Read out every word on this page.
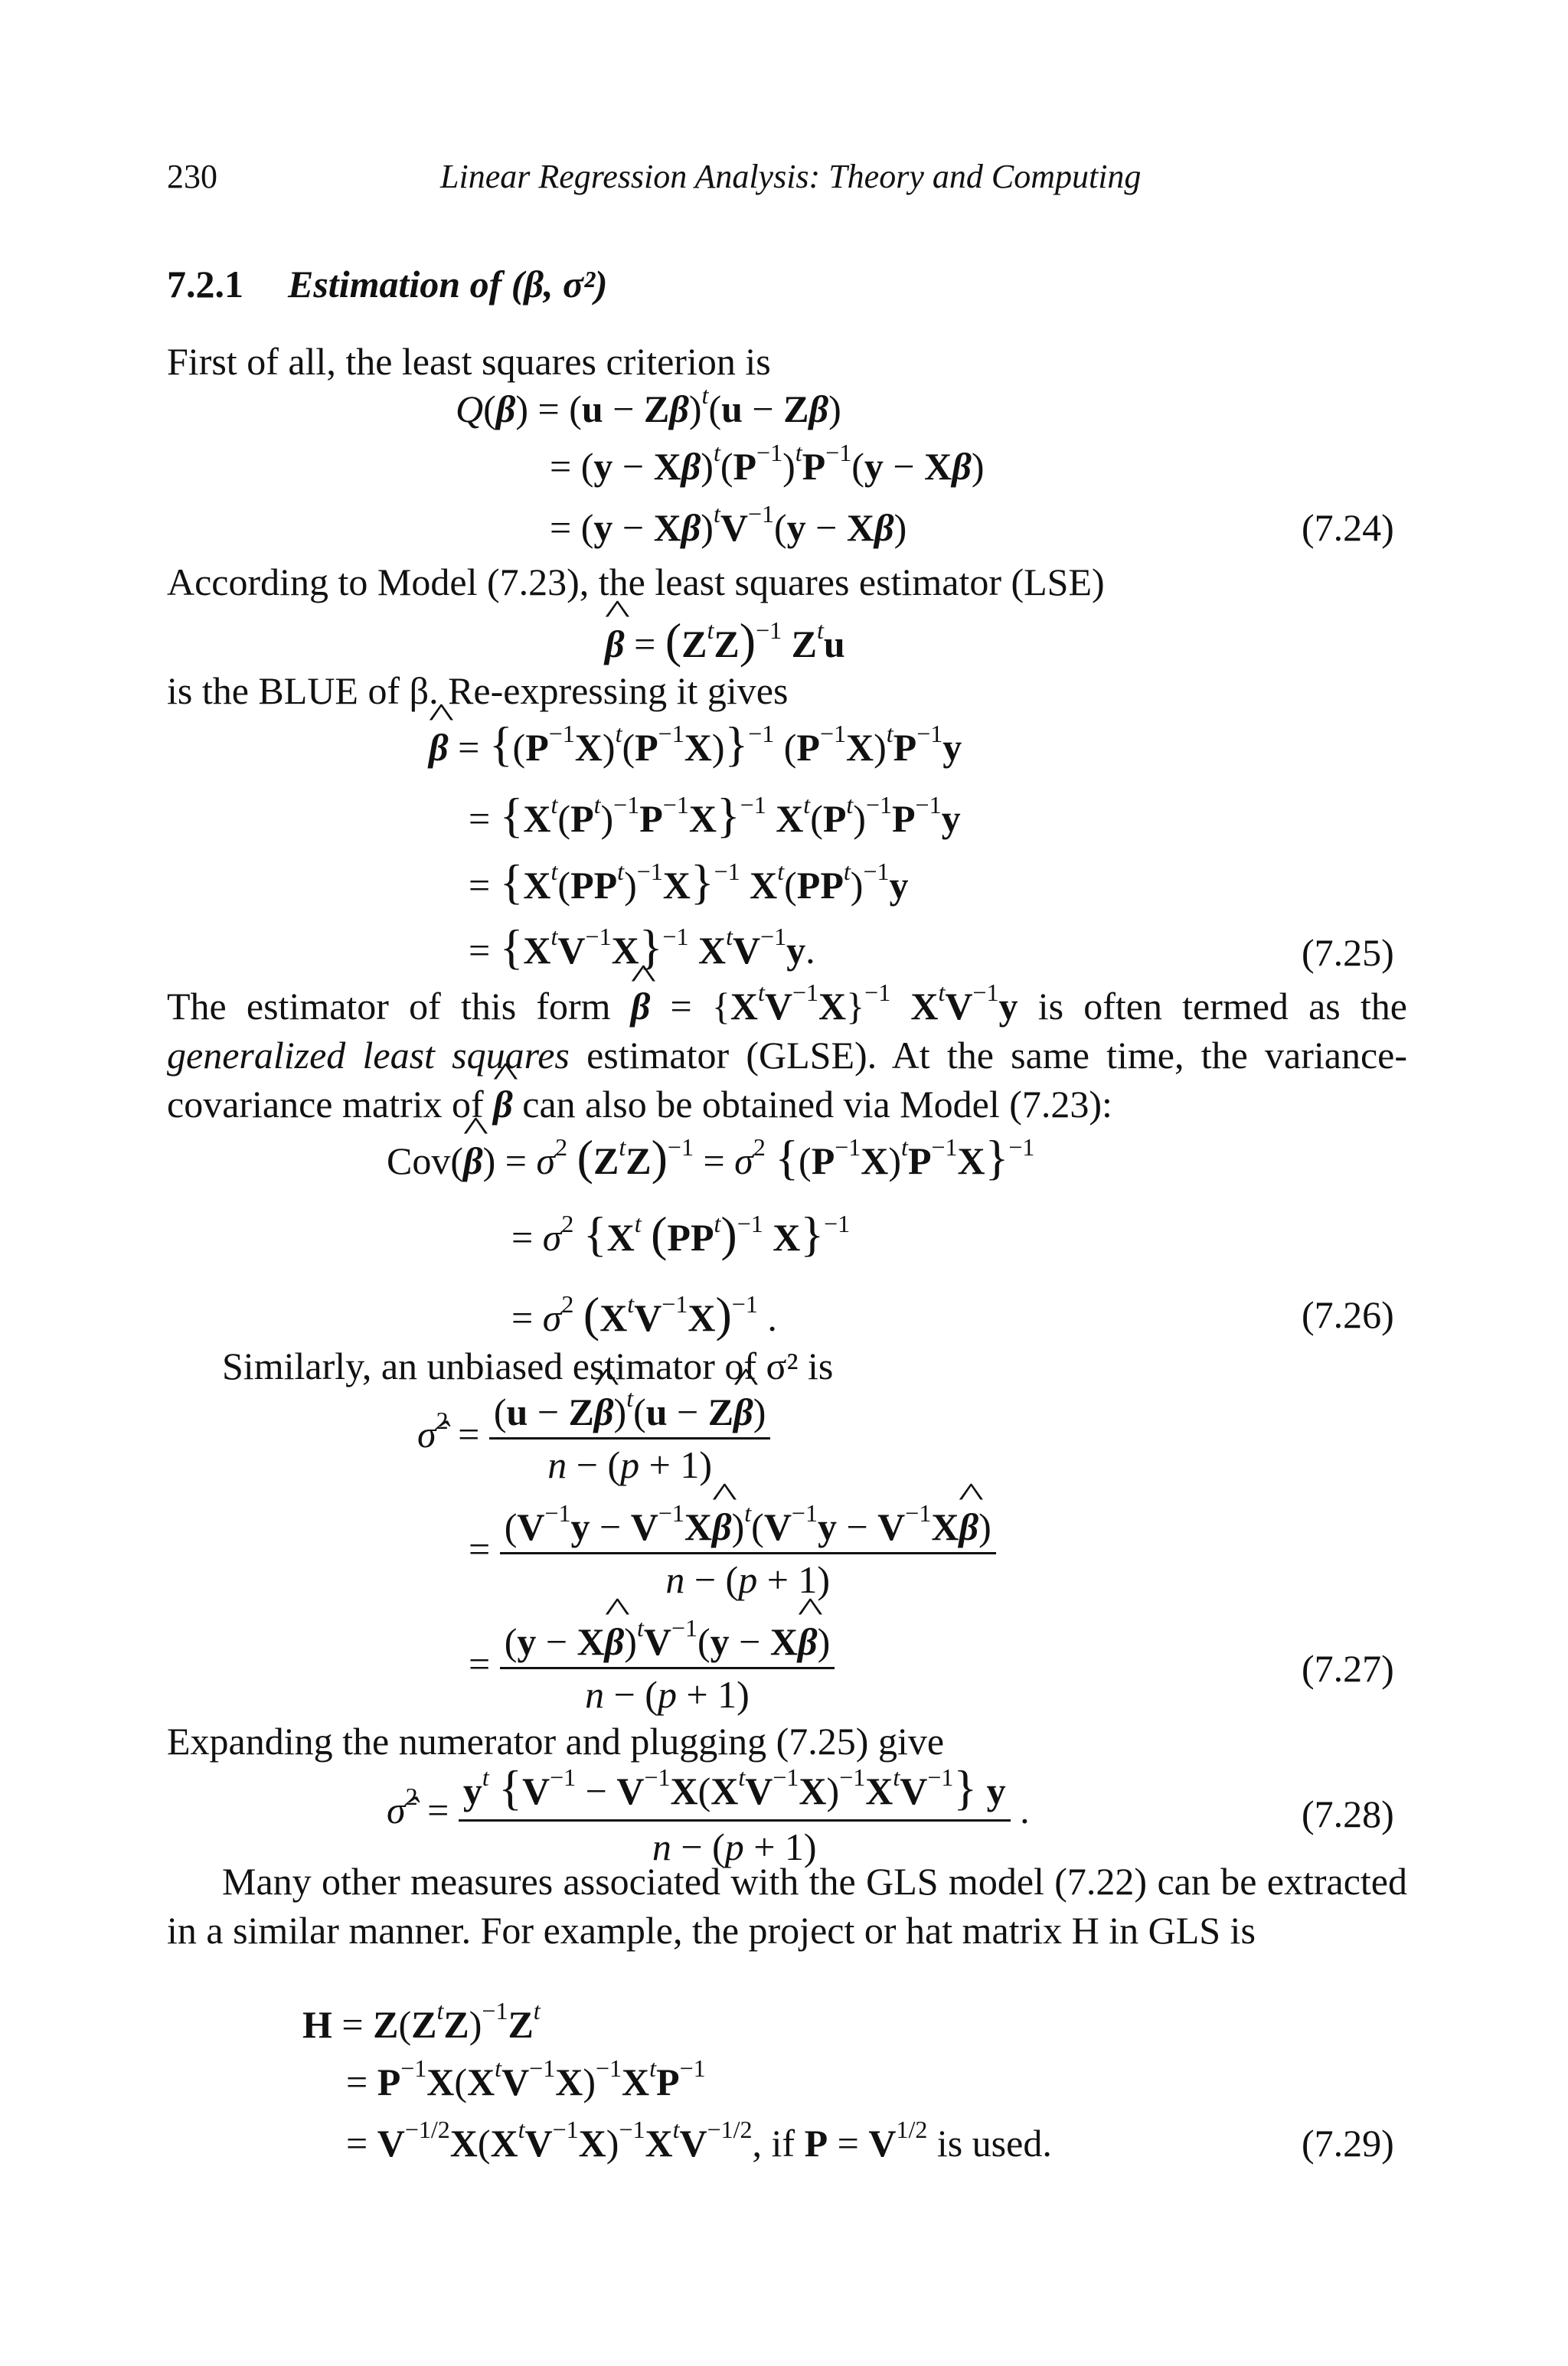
230	Linear Regression Analysis: Theory and Computing
7.2.1 Estimation of (β, σ²)
First of all, the least squares criterion is
$Q(\beta) = (u - Z\beta)^t(u - Z\beta)$
= $(y - X\beta)^t(P^{-1})^tP^{-1}(y - X\beta)$
= $(y - X\beta)^tV^{-1}(y - X\beta)$	(7.24)
According to Model (7.23), the least squares estimator (LSE)
^ $\beta = (Z^tZ)^{-1}$ $Z^tu$
is the BLUE of β. Re-expressing it gives
^ $\beta = \{(P^{-1}X)^t(P^{-1}X)\}^{-1}$ $(P^{-1}X)^tP^{-1}y$
= $\{X^t(P^t)^{-1}P^{-1}X\}^{-1}$ $X^t(P^t)^{-1}P^{-1}y$
= $\{X^t(PP^t)^{-1}X\}^{-1}$ $X^t(PP^t)^{-1}y$
= $\{X^tV^{-1}X\}^{-1}$ $X^tV^{-1}y$.	(7.25)
The estimator of this form ^ $\beta = \{X^tV^{-1}X\}^{-1}$ $X^tV^{-1}y$ is often termed as the generalized least squares estimator (GLSE). At the same time, the variance-covariance matrix of ^ β can also be obtained via Model (7.23):
Cov(^ $\beta) = \sigma^2$ $(Z^tZ)^{-1} = \sigma^2$ $\{(P^{-1}X)^tP^{-1}X\}^{-1}$
= $\sigma^2$ {$X^t$ $(PP^t)^{-1}$ X}$^{-1}$
= $\sigma^2$ $(X^tV^{-1}X)^{-1}$ .	(7.26)
Similarly, an unbiased estimator of σ² is
σ̂$^2$ = $\frac{(u - Z\^{} \beta)^t(u - Z\^{} \beta)}{n - (p + 1)}$
= $\frac{(V^{-1}y - V^{-1}X\^{} \beta)^t(V^{-1}y - V^{-1}X\^{} \beta)}{n - (p + 1)}$
= $\frac{(y - X\^{} \beta)^tV^{-1}(y - X\^{} \beta)}{n - (p + 1)}$	(7.27)
Expanding the numerator and plugging (7.25) give
σ̂$^2$ = $\frac{y^t \{V^{-1} - V^{-1}X(X^tV^{-1}X)^{-1}X^tV^{-1}\} y}{n - (p + 1)}$ .	(7.28)
Many other measures associated with the GLS model (7.22) can be extracted in a similar manner. For example, the project or hat matrix H in GLS is
$H = Z(Z^tZ)^{-1}Z^t$
= $P^{-1}X(X^tV^{-1}X)^{-1}X^tP^{-1}$
= $V^{-1/2}X(X^tV^{-1}X)^{-1}X^tV^{-1/2}$, if $P = V^{1/2}$ is used.	(7.29)
